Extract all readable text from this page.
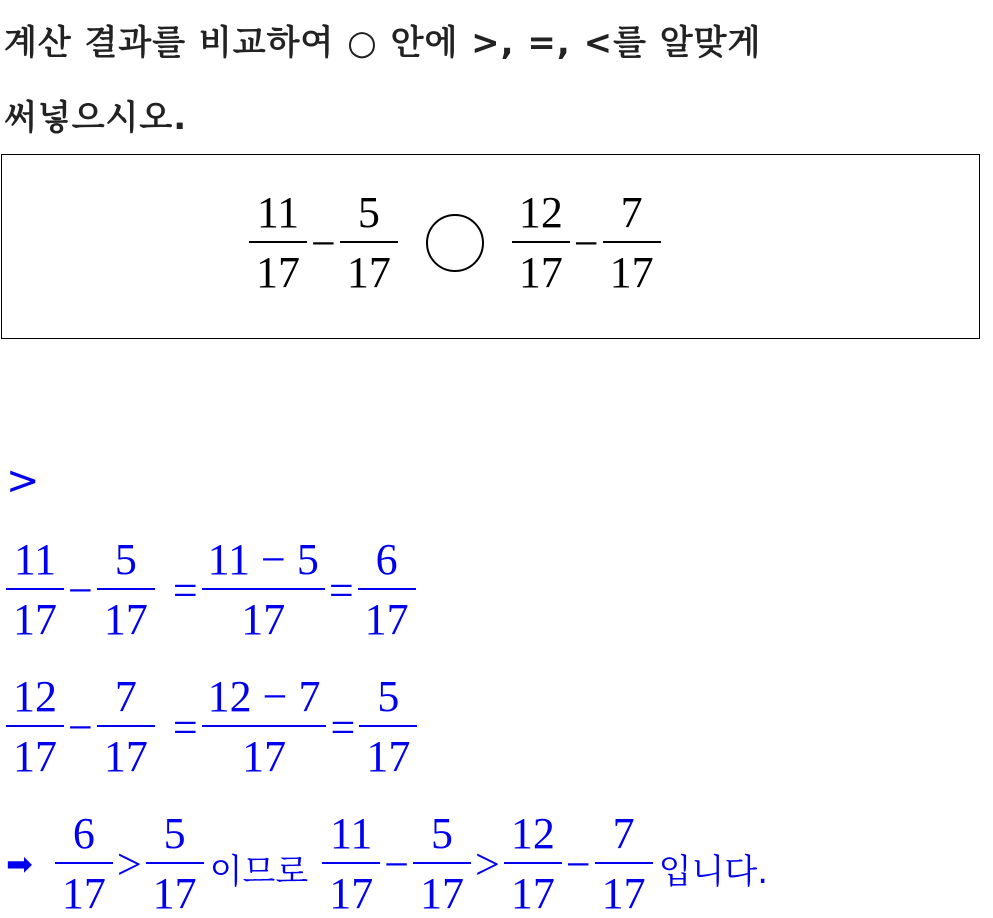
계산 결과를 비교하여 ○ 안에 >, =, <를 알맞게
써넣으시오.
$\frac{11}{17} - \frac{5}{17}$	$\frac{12}{17} - \frac{7}{17}$
>
$\frac{11}{17} - \frac{5}{17} = \frac{11 - 5}{17} = \frac{6}{17}$
$\frac{12}{17} - \frac{7}{17} = \frac{12 - 7}{17} = \frac{5}{17}$
➡ $\frac{6}{17} > \frac{5}{17}$ 이므로 $\frac{11}{17} - \frac{5}{17} > \frac{12}{17} - \frac{7}{17}$ 입니다.
